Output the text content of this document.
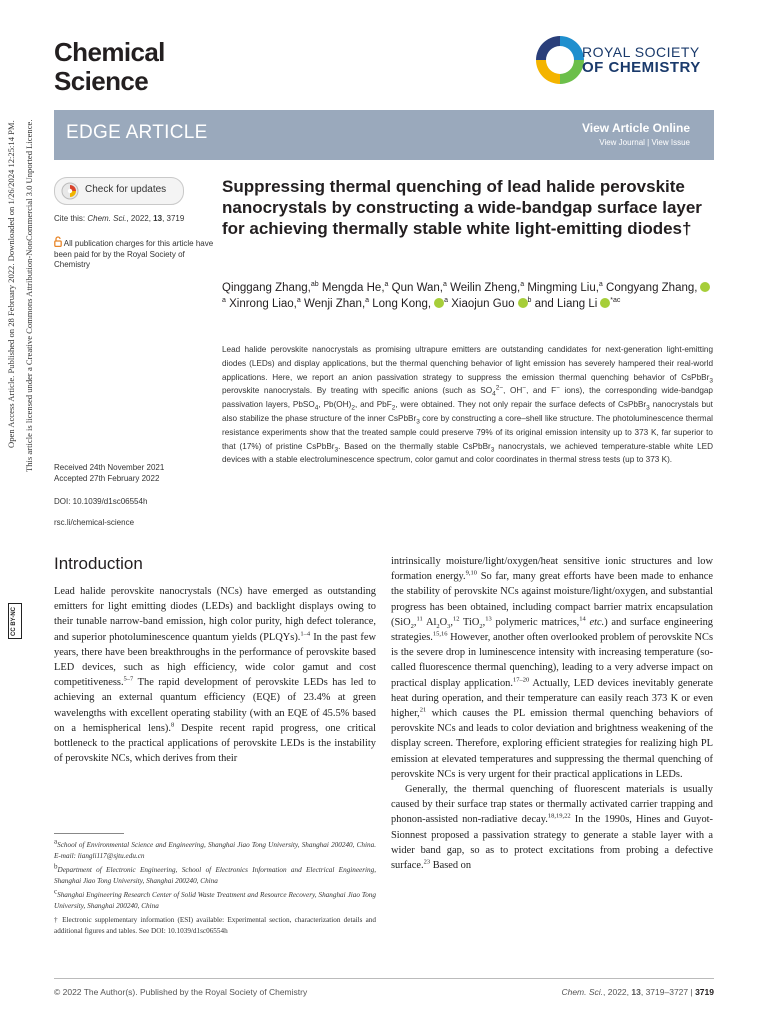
Chemical
Science
ROYAL SOCIETY
OF CHEMISTRY
EDGE ARTICLE	View Article Online
View Journal | View Issue
Check for updates
Cite this: Chem. Sci., 2022, 13, 3719
All publication charges for this article have been paid for by the Royal Society of Chemistry
Received 24th November 2021
Accepted 27th February 2022
DOI: 10.1039/d1sc06554h
rsc.li/chemical-science
CC BY-NC
Open Access Article. Published on 28 February 2022. Downloaded on 1/26/2024 12:25:14 PM. This article is licensed under a Creative Commons Attribution-NonCommercial 3.0 Unported Licence.	Suppressing thermal quenching of lead halide perovskite nanocrystals by constructing a wide-bandgap surface layer for achieving thermally stable white light-emitting diodes†
Qinggang Zhang,$^{ab}$ Mengda He,$^a$ Qun Wan,$^a$ Weilin Zheng,$^a$ Mingming Liu,$^a$ Congyang Zhang,$^a$ Xinrong Liao,$^a$ Wenji Zhan,$^a$ Long Kong, $^a$ Xiaojun Guo $^b$ and Liang Li $^{*ac}$
Lead halide perovskite nanocrystals as promising ultrapure emitters are outstanding candidates for next-generation light-emitting diodes (LEDs) and display applications, but the thermal quenching behavior of light emission has severely hampered their real-world applications. Here, we report an anion passivation strategy to suppress the emission thermal quenching behavior of CsPbBr$_3$ perovskite nanocrystals. By treating with specific anions (such as $SO_4^{2-}$, OH−, and F− ions), the corresponding wide-bandgap passivation layers, PbSO$_4$, $Pb(OH)_2$, and PbF$_2$, were obtained. They not only repair the surface defects of CsPbBr$_3$ nanocrystals but also stabilize the phase structure of the inner CsPbBr$_3$ core by constructing a core–shell like structure. The photoluminescence thermal resistance experiments show that the treated sample could preserve 79% of its original emission intensity up to 373 K, far superior to that (17%) of pristine CsPbBr$_3$. Based on the thermally stable CsPbBr$_3$ nanocrystals, we achieved temperature-stable white LED devices with a stable electroluminescence spectrum, color gamut and color coordinates in thermal stress tests (up to 373 K).
Introduction
Lead halide perovskite nanocrystals (NCs) have emerged as outstanding emitters for light emitting diodes (LEDs) and backlight displays owing to their tunable narrow-band emission, high color purity, high defect tolerance, and superior photoluminescence quantum yields (PLQYs).$^{1-4}$ In the past few years, there have been breakthroughs in the performance of perovskite based LED devices, such as high efficiency, wide color gamut and cost competitiveness.$^{5-7}$ The rapid development of perovskite LEDs has led to achieving an external quantum efficiency (EQE) of 23.4% at green wavelengths with excellent operating stability (with an EQE of 45.5% based on a hemispherical lens).$^8$ Despite recent rapid progress, one critical bottleneck to the practical applications of perovskite LEDs is the instability of perovskite NCs, which derives from their
intrinsically moisture/light/oxygen/heat sensitive ionic structures and low formation energy.$^{9,10}$ So far, many great efforts have been made to enhance the stability of perovskite NCs against moisture/light/oxygen, and substantial progress has been obtained, including compact barrier matrix encapsulation (SiO$_2$,$^{11}$ $Al_2O_3,^{12}$ TiO$_2$,$^{13}$ polymeric matrices,$^{14}$ etc.) and surface engineering strategies.$^{15,16}$ However, another often overlooked problem of perovskite NCs is the severe drop in luminescence intensity with increasing temperature (so-called fluorescence thermal quenching), leading to a very adverse impact on practical display application.$^{17-20}$ Actually, LED devices inevitably generate heat during operation, and their temperature can easily reach 373 K or even higher,$^{21}$ which causes the PL emission thermal quenching behaviors of perovskite NCs and leads to color deviation and brightness weakening of the display screen. Therefore, exploring efficient strategies for realizing high PL emission at elevated temperatures and suppressing the thermal quenching of perovskite NCs is very urgent for their practical applications in LEDs.
Generally, the thermal quenching of fluorescent materials is usually caused by their surface trap states or thermally activated carrier trapping and phonon-assisted non-radiative decay.$^{18,19,22}$ In the 1990s, Hines and Guyot-Sionnest proposed a passivation strategy to generate a stable layer with a wider band gap, so as to protect excitations from probing a defective surface.$^{23}$ Based on
$^a$School of Environmental Science and Engineering, Shanghai Jiao Tong University, Shanghai 200240, China. E-mail: liangli117@sjtu.edu.cn
$^b$Department of Electronic Engineering, School of Electronics Information and Electrical Engineering, Shanghai Jiao Tong University, Shanghai 200240, China
$^c$Shanghai Engineering Research Center of Solid Waste Treatment and Resource Recovery, Shanghai Jiao Tong University, Shanghai 200240, China
† Electronic supplementary information (ESI) available: Experimental section, characterization details and additional figures and tables. See DOI: 10.1039/d1sc06554h
© 2022 The Author(s). Published by the Royal Society of Chemistry	Chem. Sci., 2022, 13, 3719–3727 | 3719
